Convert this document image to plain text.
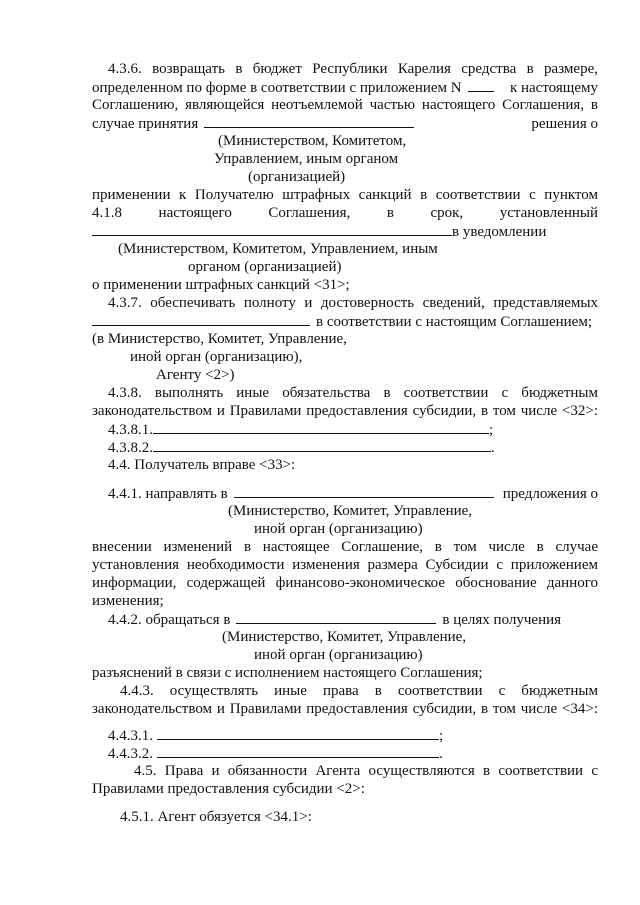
4.3.6. возвращать в бюджет Республики Карелия средства в размере,
определенном по форме в соответствии с приложением N	к настоящему
Соглашению, являющейся неотъемлемой частью настоящего Соглашения, в
случае принятия	решения о
(Министерством, Комитетом,
Управлением, иным органом
(организацией)
применении к Получателю штрафных санкций в соответствии с пунктом
4.1.8 настоящего Соглашения, в срок, установленный
в уведомлении
(Министерством, Комитетом, Управлением, иным
органом (организацией)
о применении штрафных санкций <31>;
4.3.7. обеспечивать полноту и достоверность сведений, представляемых
в соответствии с настоящим Соглашением;
(в Министерство, Комитет, Управление,
иной орган (организацию),
Агенту <2>)
4.3.8. выполнять иные обязательства в соответствии с бюджетным
законодательством и Правилами предоставления субсидии, в том числе <32>:
4.3.8.1.	;
4.3.8.2.	.
4.4. Получатель вправе <33>:
4.4.1. направлять в	предложения о
(Министерство, Комитет, Управление,
иной орган (организацию)
внесении изменений в настоящее Соглашение, в том числе в случае
установления необходимости изменения размера Субсидии с приложением
информации, содержащей финансово-экономическое обоснование данного
изменения;
4.4.2. обращаться в	в целях получения
(Министерство, Комитет, Управление,
иной орган (организацию)
разъяснений в связи с исполнением настоящего Соглашения;
4.4.3. осуществлять иные права в соответствии с бюджетным
законодательством и Правилами предоставления субсидии, в том числе <34>:
4.4.3.1.	;
4.4.3.2.	.
4.5. Права и обязанности Агента осуществляются в соответствии с
Правилами предоставления субсидии <2>:
4.5.1. Агент обязуется <34.1>:
